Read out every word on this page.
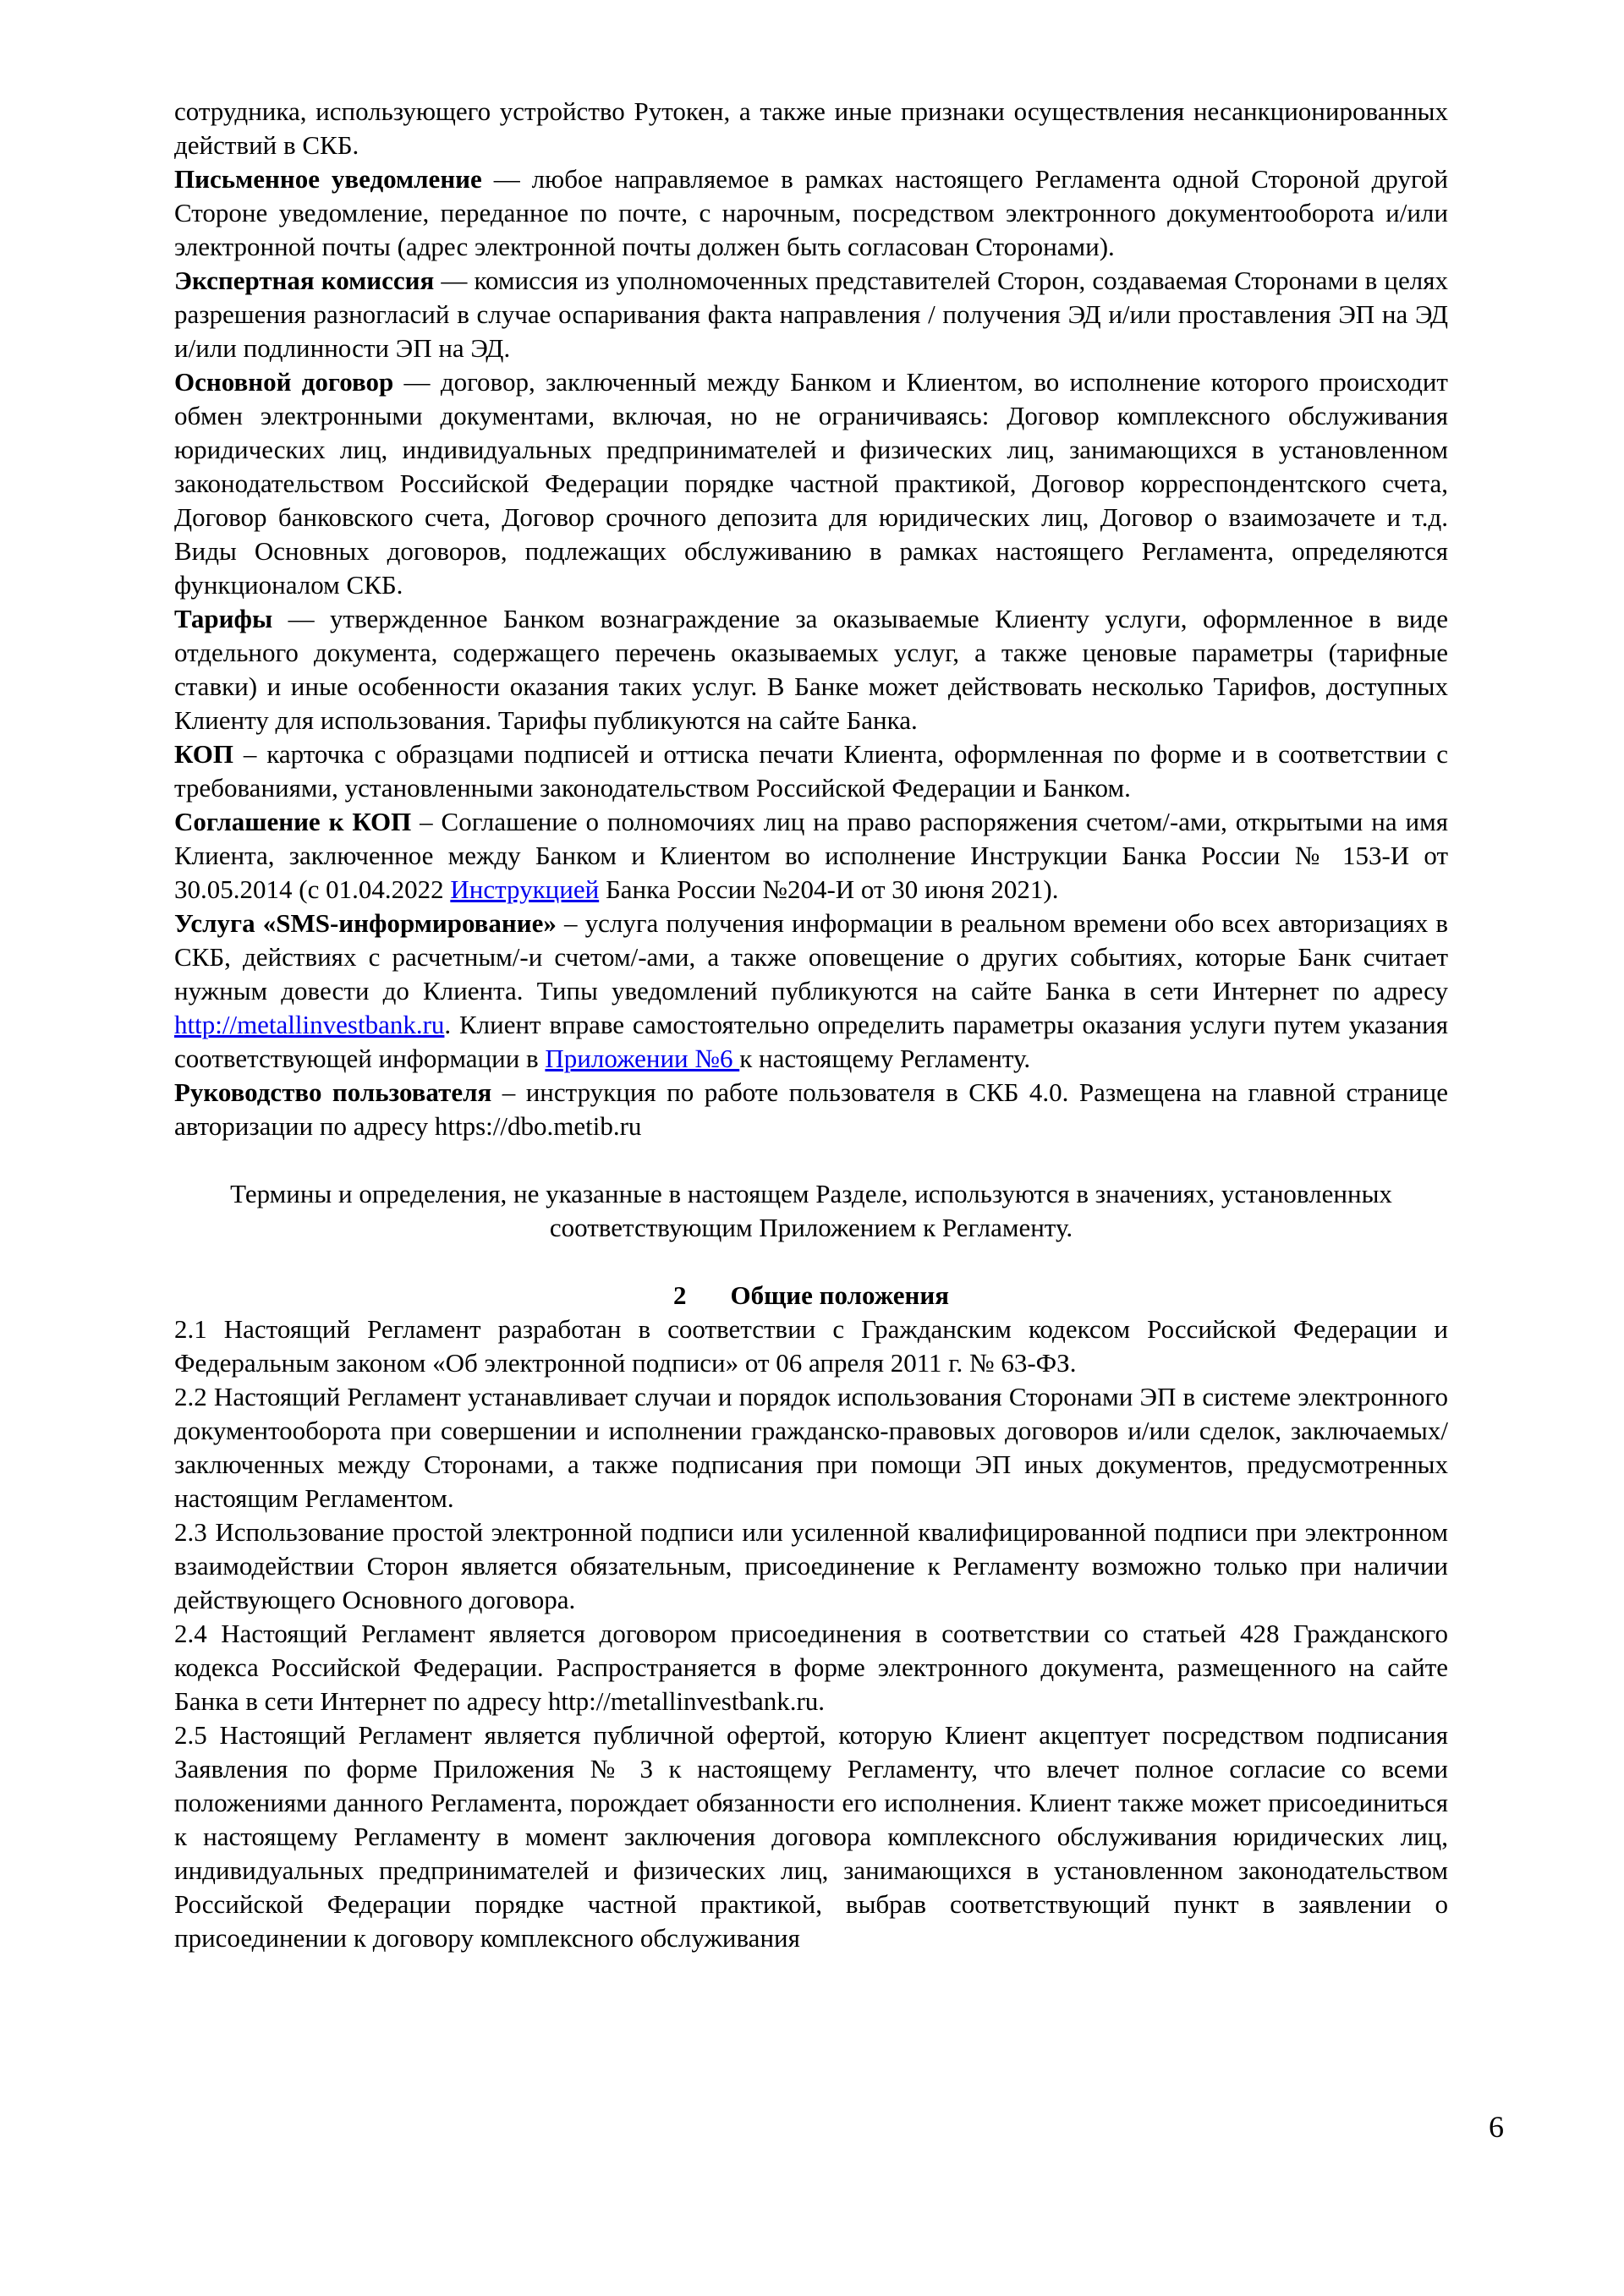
сотрудника, использующего устройство Рутокен, а также иные признаки осуществления несанкционированных действий в СКБ.

Письменное уведомление — любое направляемое в рамках настоящего Регламента одной Стороной другой Стороне уведомление, переданное по почте, с нарочным, посредством электронного документооборота и/или электронной почты (адрес электронной почты должен быть согласован Сторонами).

Экспертная комиссия — комиссия из уполномоченных представителей Сторон, создаваемая Сторонами в целях разрешения разногласий в случае оспаривания факта направления / получения ЭД и/или проставления ЭП на ЭД и/или подлинности ЭП на ЭД.

Основной договор — договор, заключенный между Банком и Клиентом, во исполнение которого происходит обмен электронными документами, включая, но не ограничиваясь: Договор комплексного обслуживания юридических лиц, индивидуальных предпринимателей и физических лиц, занимающихся в установленном законодательством Российской Федерации порядке частной практикой, Договор корреспондентского счета, Договор банковского счета, Договор срочного депозита для юридических лиц, Договор о взаимозачете и т.д. Виды Основных договоров, подлежащих обслуживанию в рамках настоящего Регламента, определяются функционалом СКБ.

Тарифы — утвержденное Банком вознаграждение за оказываемые Клиенту услуги, оформленное в виде отдельного документа, содержащего перечень оказываемых услуг, а также ценовые параметры (тарифные ставки) и иные особенности оказания таких услуг. В Банке может действовать несколько Тарифов, доступных Клиенту для использования. Тарифы публикуются на сайте Банка.

КОП – карточка с образцами подписей и оттиска печати Клиента, оформленная по форме и в соответствии с требованиями, установленными законодательством Российской Федерации и Банком.

Соглашение к КОП – Соглашение о полномочиях лиц на право распоряжения счетом/-ами, открытыми на имя Клиента, заключенное между Банком и Клиентом во исполнение Инструкции Банка России № 153-И от 30.05.2014 (с 01.04.2022 Инструкцией Банка России №204-И от 30 июня 2021).

Услуга «SMS-информирование» – услуга получения информации в реальном времени обо всех авторизациях в СКБ, действиях с расчетным/-и счетом/-ами, а также оповещение о других событиях, которые Банк считает нужным довести до Клиента. Типы уведомлений публикуются на сайте Банка в сети Интернет по адресу http://metallinvestbank.ru. Клиент вправе самостоятельно определить параметры оказания услуги путем указания соответствующей информации в Приложении №6 к настоящему Регламенту.

Руководство пользователя – инструкция по работе пользователя в СКБ 4.0. Размещена на главной странице авторизации по адресу https://dbo.metib.ru

Термины и определения, не указанные в настоящем Разделе, используются в значениях, установленных соответствующим Приложением к Регламенту.

2 Общие положения

2.1 Настоящий Регламент разработан в соответствии с Гражданским кодексом Российской Федерации и Федеральным законом «Об электронной подписи» от 06 апреля 2011 г. № 63-ФЗ.

2.2 Настоящий Регламент устанавливает случаи и порядок использования Сторонами ЭП в системе электронного документооборота при совершении и исполнении гражданско-правовых договоров и/или сделок, заключаемых/заключенных между Сторонами, а также подписания при помощи ЭП иных документов, предусмотренных настоящим Регламентом.

2.3 Использование простой электронной подписи или усиленной квалифицированной подписи при электронном взаимодействии Сторон является обязательным, присоединение к Регламенту возможно только при наличии действующего Основного договора.

2.4 Настоящий Регламент является договором присоединения в соответствии со статьей 428 Гражданского кодекса Российской Федерации. Распространяется в форме электронного документа, размещенного на сайте Банка в сети Интернет по адресу http://metallinvestbank.ru.

2.5 Настоящий Регламент является публичной офертой, которую Клиент акцептует посредством подписания Заявления по форме Приложения № 3 к настоящему Регламенту, что влечет полное согласие со всеми положениями данного Регламента, порождает обязанности его исполнения. Клиент также может присоединиться к настоящему Регламенту в момент заключения договора комплексного обслуживания юридических лиц, индивидуальных предпринимателей и физических лиц, занимающихся в установленном законодательством Российской Федерации порядке частной практикой, выбрав соответствующий пункт в заявлении о присоединении к договору комплексного обслуживания

6
